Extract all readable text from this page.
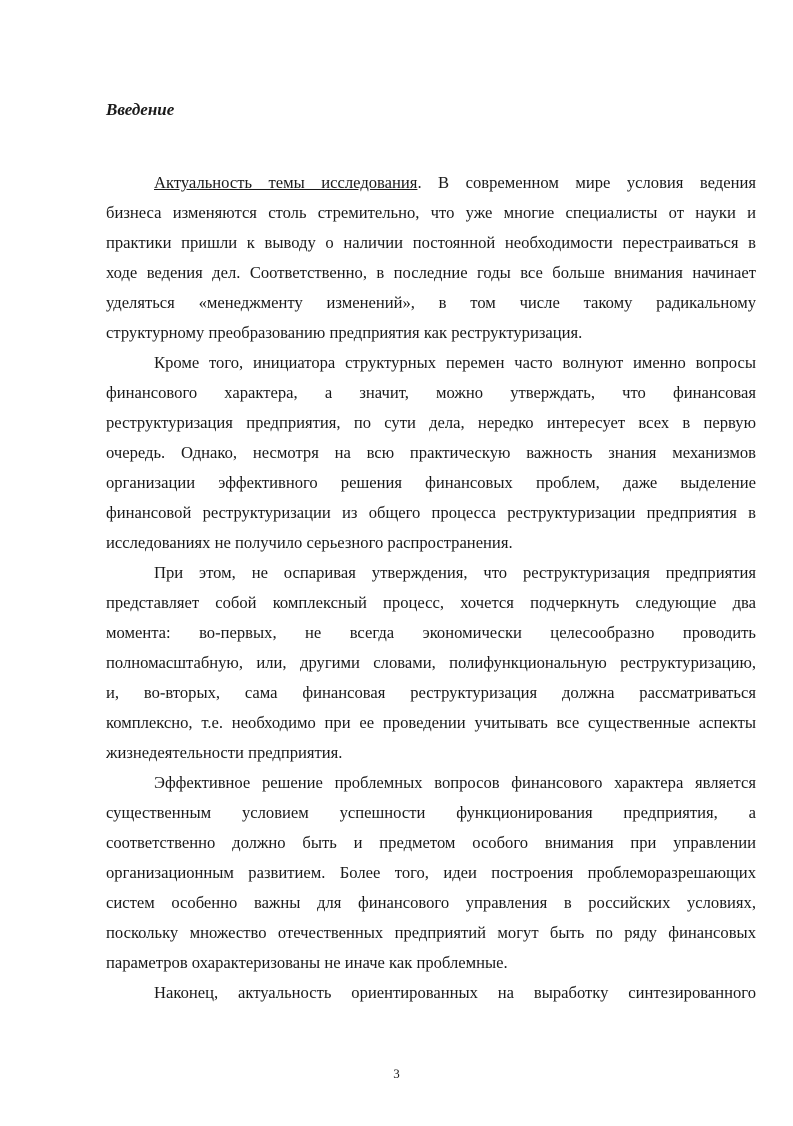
Введение
Актуальность темы исследования. В современном мире условия ведения
бизнеса изменяются столь стремительно, что уже многие специалисты от науки и
практики пришли к выводу о наличии постоянной необходимости перестраиваться в
ходе ведения дел. Соответственно, в последние годы все больше внимания начинает
уделяться «менеджменту изменений», в том числе такому радикальному
структурному преобразованию предприятия как реструктуризация.
Кроме того, инициатора структурных перемен часто волнуют именно вопросы
финансового характера, а значит, можно утверждать, что финансовая
реструктуризация предприятия, по сути дела, нередко интересует всех в первую
очередь. Однако, несмотря на всю практическую важность знания механизмов
организации эффективного решения финансовых проблем, даже выделение
финансовой реструктуризации из общего процесса реструктуризации предприятия в
исследованиях не получило серьезного распространения.
При этом, не оспаривая утверждения, что реструктуризация предприятия
представляет собой комплексный процесс, хочется подчеркнуть следующие два
момента: во-первых, не всегда экономически целесообразно проводить
полномасштабную, или, другими словами, полифункциональную реструктуризацию,
и, во-вторых, сама финансовая реструктуризация должна рассматриваться
комплексно, т.е. необходимо при ее проведении учитывать все существенные аспекты
жизнедеятельности предприятия.
Эффективное решение проблемных вопросов финансового характера является
существенным условием успешности функционирования предприятия, а
соответственно должно быть и предметом особого внимания при управлении
организационным развитием. Более того, идеи построения проблеморазрешающих
систем особенно важны для финансового управления в российских условиях,
поскольку множество отечественных предприятий могут быть по ряду финансовых
параметров охарактеризованы не иначе как проблемные.
Наконец, актуальность ориентированных на выработку синтезированного
3
